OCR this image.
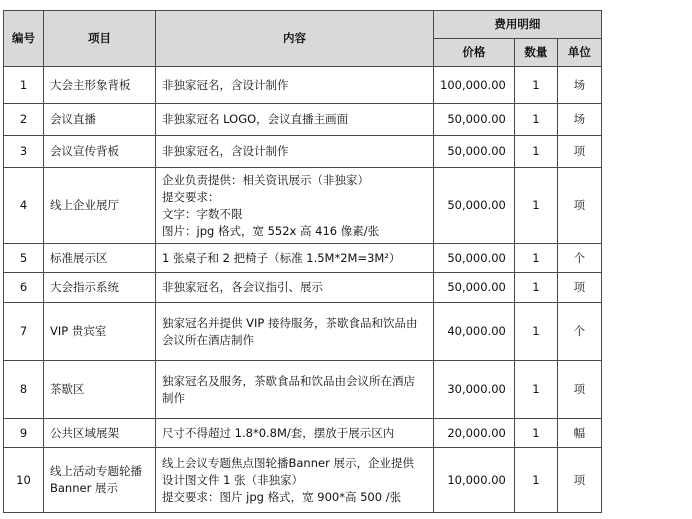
编号	项目	内容	费用明细		
			价格	数量	单位
1	大会主形象背板	非独家冠名，含设计制作	100,000.00	1	场
2	会议直播	非独家冠名 LOGO，会议直播主画面	50,000.00	1	场
3	会议宣传背板	非独家冠名，含设计制作	50,000.00	1	项
4	线上企业展厅	企业负责提供：相关资讯展示（非独家）
提交要求：
文字：字数不限
图片：jpg 格式，宽 552x 高 416 像素/张	50,000.00	1	项
5	标准展示区	1 张桌子和 2 把椅子（标准 1.5M*2M=3M²）	50,000.00	1	个
6	大会指示系统	非独家冠名，各会议指引、展示	50,000.00	1	项
7	VIP 贵宾室	独家冠名并提供 VIP 接待服务，茶歇食品和饮品由
会议所在酒店制作	40,000.00	1	个
8	茶歇区	独家冠名及服务，茶歇食品和饮品由会议所在酒店
制作	30,000.00	1	项
9	公共区域展架	尺寸不得超过 1.8*0.8M/套，摆放于展示区内	20,000.00	1	幅
10	线上活动专题轮播
Banner 展示	线上会议专题焦点图轮播Banner 展示，企业提供
设计图文件 1 张（非独家）
提交要求：图片 jpg 格式，宽 900*高 500 /张	10,000.00	1	项
